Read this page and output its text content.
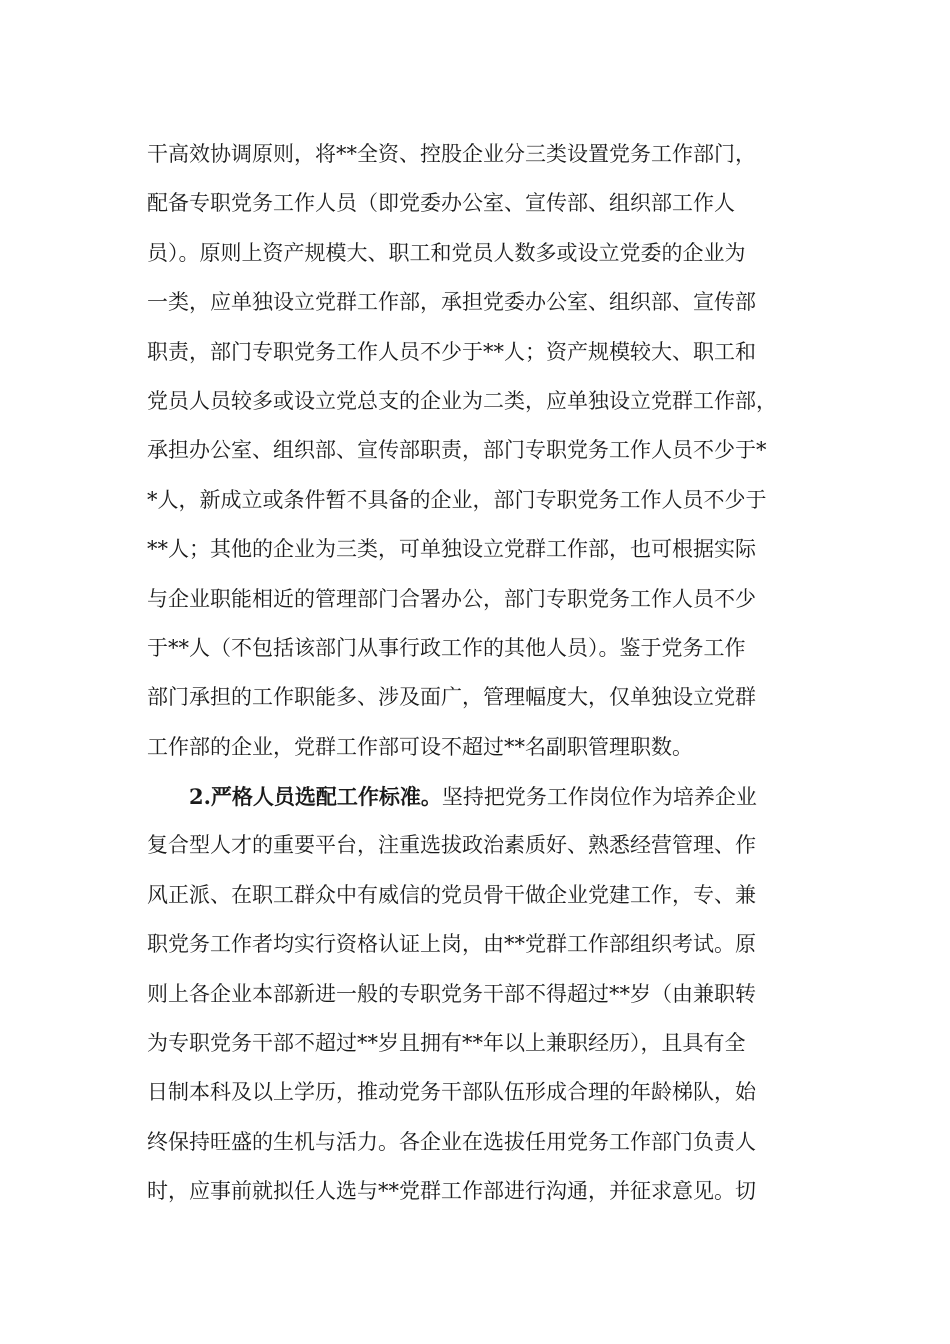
干高效协调原则，将**全资、控股企业分三类设置党务工作部门，
配备专职党务工作人员（即党委办公室、宣传部、组织部工作人
员）。原则上资产规模大、职工和党员人数多或设立党委的企业为
一类，应单独设立党群工作部，承担党委办公室、组织部、宣传部
职责，部门专职党务工作人员不少于**人；资产规模较大、职工和
党员人员较多或设立党总支的企业为二类，应单独设立党群工作部，
承担办公室、组织部、宣传部职责，部门专职党务工作人员不少于*
*人，新成立或条件暂不具备的企业，部门专职党务工作人员不少于
**人；其他的企业为三类，可单独设立党群工作部，也可根据实际
与企业职能相近的管理部门合署办公，部门专职党务工作人员不少
于**人（不包括该部门从事行政工作的其他人员）。鉴于党务工作
部门承担的工作职能多、涉及面广，管理幅度大，仅单独设立党群
工作部的企业，党群工作部可设不超过**名副职管理职数。
2.严格人员选配工作标准。坚持把党务工作岗位作为培养企业
复合型人才的重要平台，注重选拔政治素质好、熟悉经营管理、作
风正派、在职工群众中有威信的党员骨干做企业党建工作，专、兼
职党务工作者均实行资格认证上岗，由**党群工作部组织考试。原
则上各企业本部新进一般的专职党务干部不得超过**岁（由兼职转
为专职党务干部不超过**岁且拥有**年以上兼职经历），且具有全
日制本科及以上学历，推动党务干部队伍形成合理的年龄梯队，始
终保持旺盛的生机与活力。各企业在选拔任用党务工作部门负责人
时，应事前就拟任人选与**党群工作部进行沟通，并征求意见。切
